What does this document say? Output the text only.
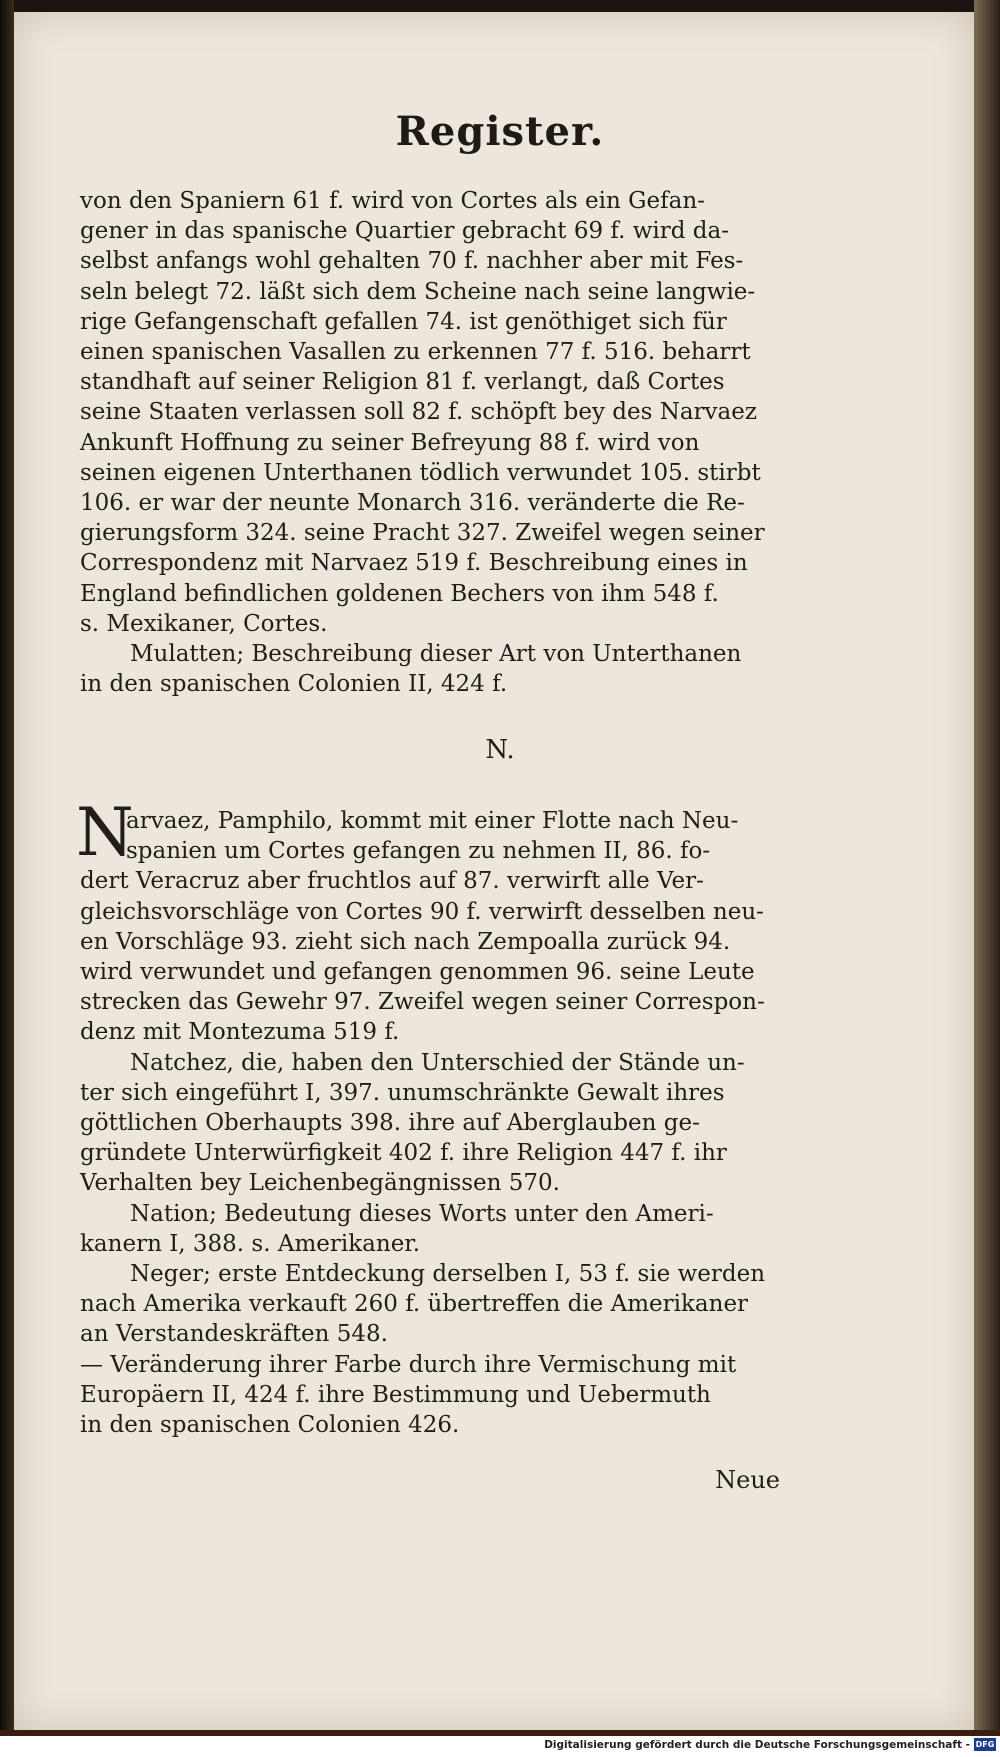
Register.
von den Spaniern 61 f. wird von Cortes als ein Gefan-
gener in das spanische Quartier gebracht 69 f. wird da-
selbst anfangs wohl gehalten 70 f. nachher aber mit Fes-
seln belegt 72. läßt sich dem Scheine nach seine langwie-
rige Gefangenschaft gefallen 74. ist genöthiget sich für
einen spanischen Vasallen zu erkennen 77 f. 516. beharrt
standhaft auf seiner Religion 81 f. verlangt, daß Cortes
seine Staaten verlassen soll 82 f. schöpft bey des Narvaez
Ankunft Hoffnung zu seiner Befreyung 88 f. wird von
seinen eigenen Unterthanen tödlich verwundet 105. stirbt
106. er war der neunte Monarch 316. veränderte die Re-
gierungsform 324. seine Pracht 327. Zweifel wegen seiner
Correspondenz mit Narvaez 519 f. Beschreibung eines in
England befindlichen goldenen Bechers von ihm 548 f.
s. Mexikaner, Cortes.
Mulatten; Beschreibung dieser Art von Unterthanen
in den spanischen Colonien II, 424 f.
N.
N
arvaez, Pamphilo, kommt mit einer Flotte nach Neu-
spanien um Cortes gefangen zu nehmen II, 86. fo-
dert Veracruz aber fruchtlos auf 87. verwirft alle Ver-
gleichsvorschläge von Cortes 90 f. verwirft desselben neu-
en Vorschläge 93. zieht sich nach Zempoalla zurück 94.
wird verwundet und gefangen genommen 96. seine Leute
strecken das Gewehr 97. Zweifel wegen seiner Correspon-
denz mit Montezuma 519 f.
Natchez, die, haben den Unterschied der Stände un-
ter sich eingeführt I, 397. unumschränkte Gewalt ihres
göttlichen Oberhaupts 398. ihre auf Aberglauben ge-
gründete Unterwürfigkeit 402 f. ihre Religion 447 f. ihr
Verhalten bey Leichenbegängnissen 570.
Nation; Bedeutung dieses Worts unter den Ameri-
kanern I, 388. s. Amerikaner.
Neger; erste Entdeckung derselben I, 53 f. sie werden
nach Amerika verkauft 260 f. übertreffen die Amerikaner
an Verstandeskräften 548.
— Veränderung ihrer Farbe durch ihre Vermischung mit
Europäern II, 424 f. ihre Bestimmung und Uebermuth
in den spanischen Colonien 426.
Neue
Digitalisierung gefördert durch die Deutsche Forschungsgemeinschaft - DFG
